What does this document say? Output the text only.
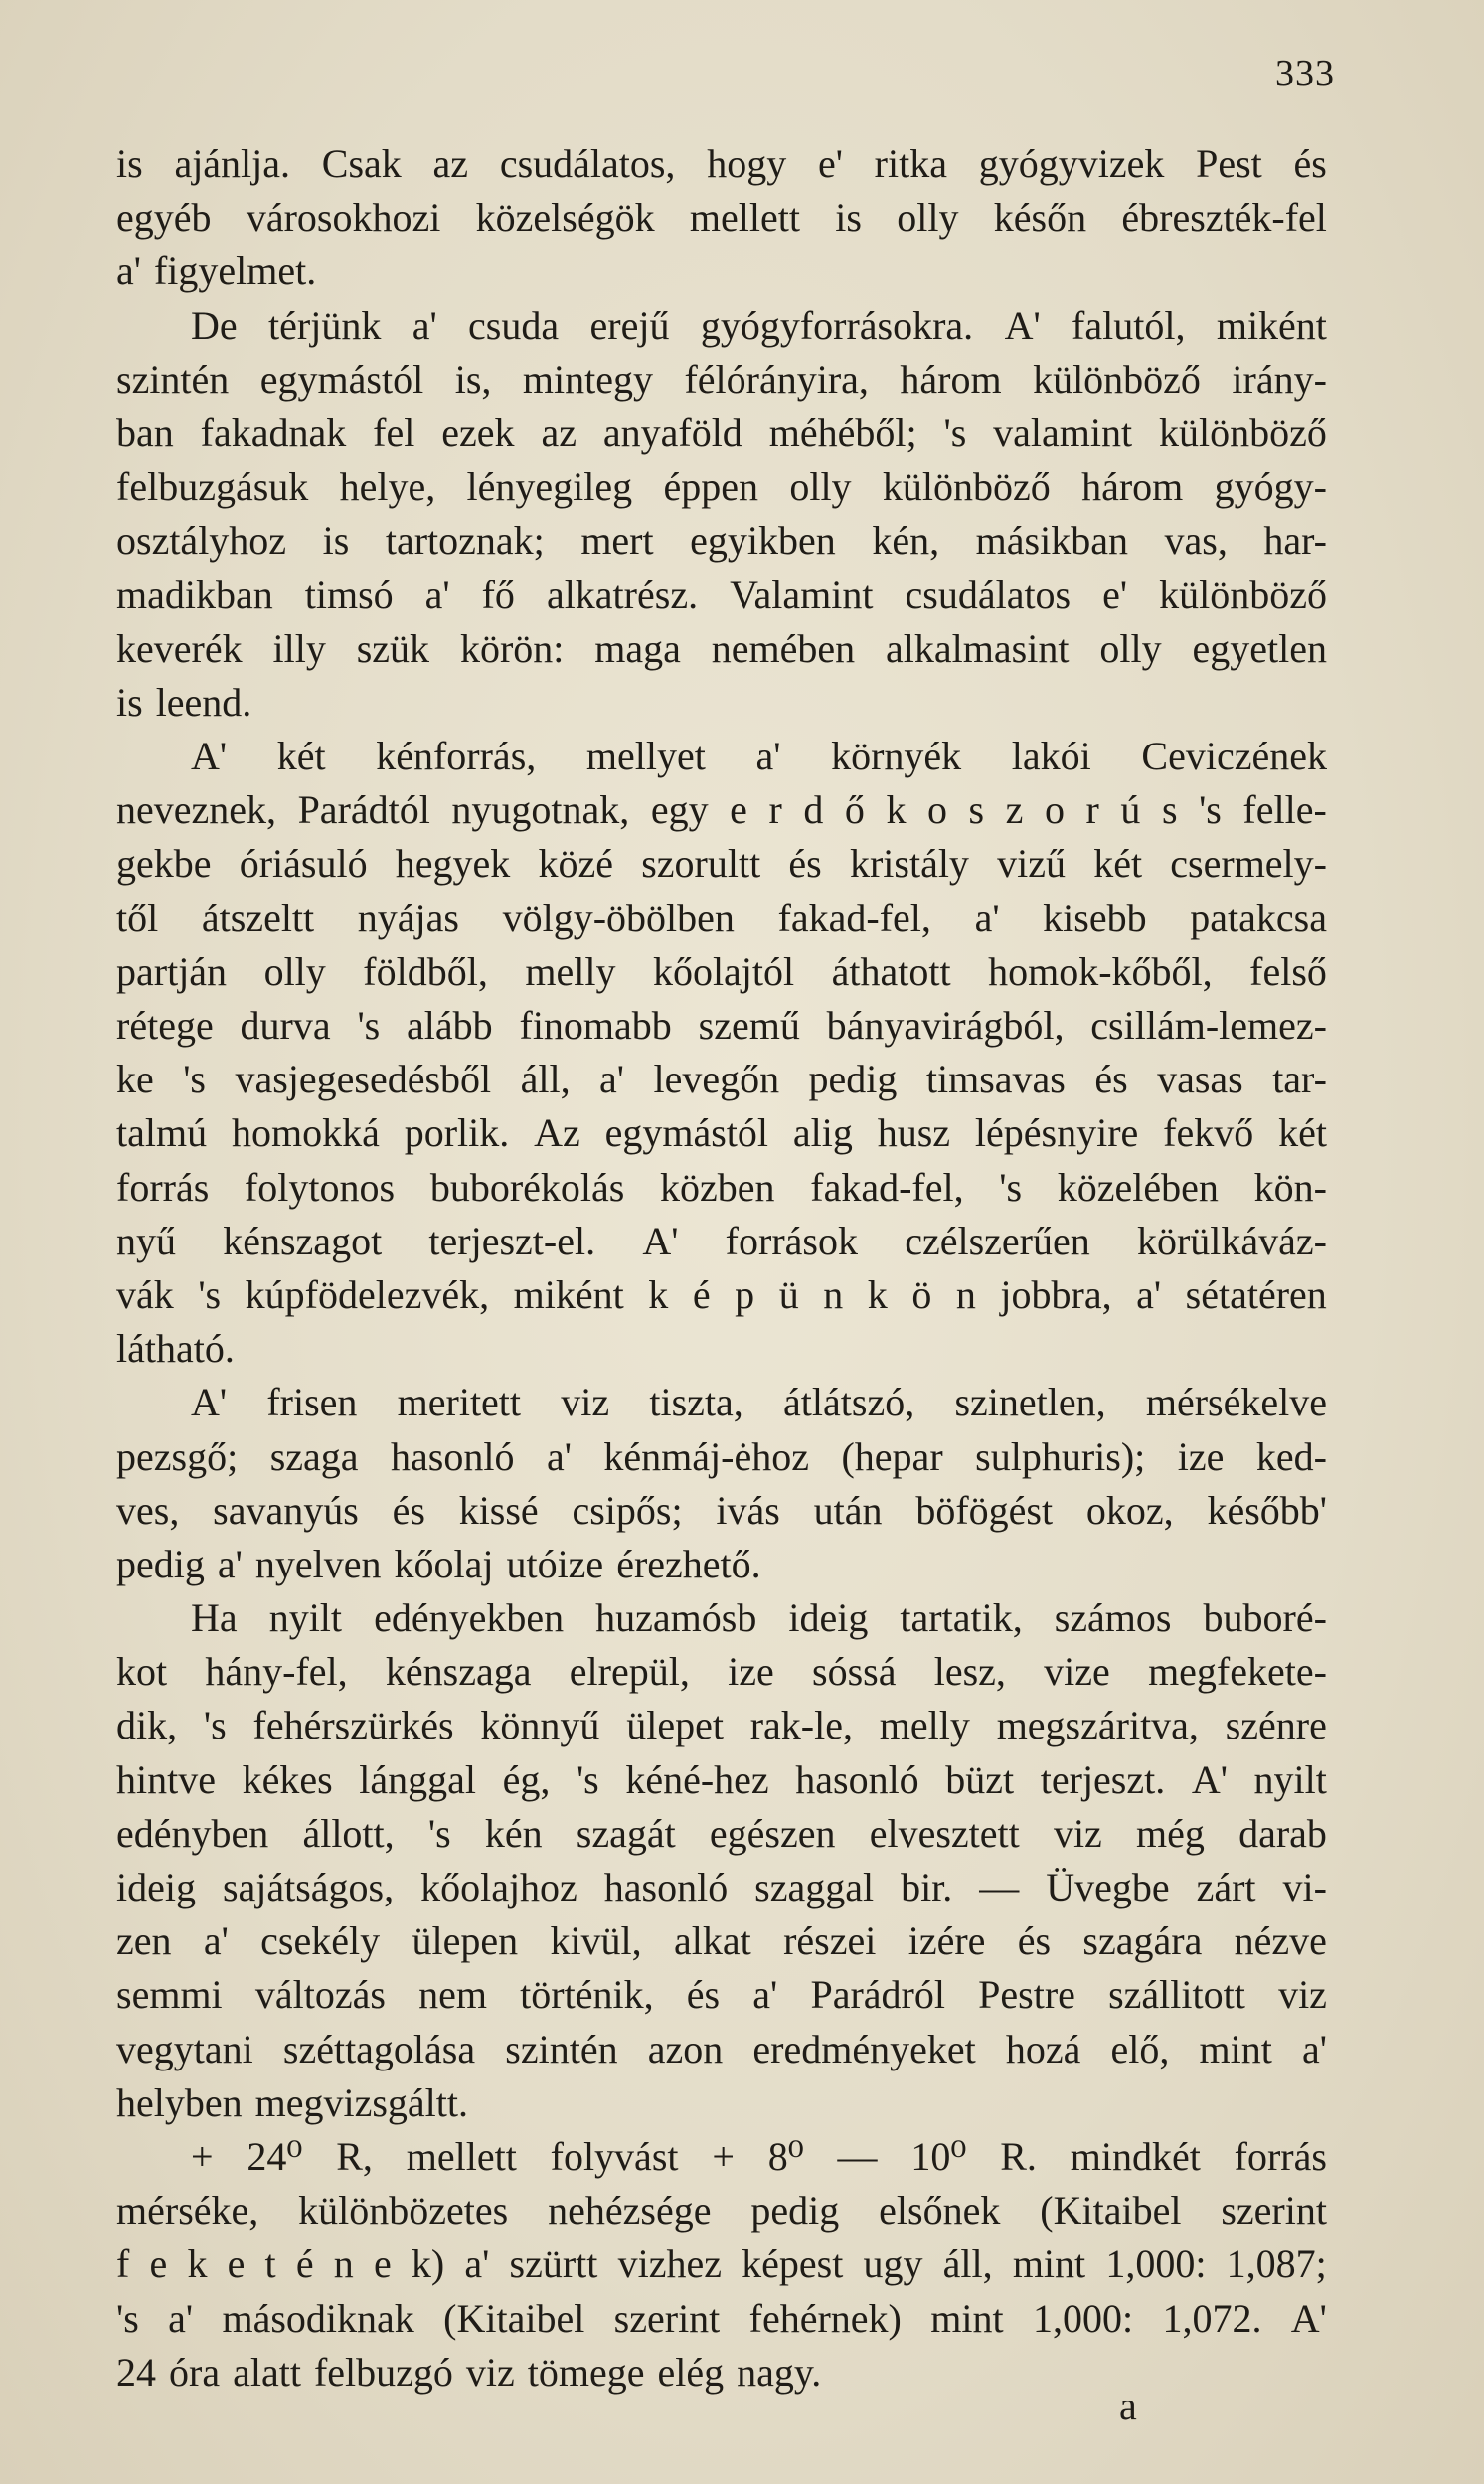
333
is ajánlja. Csak az csudálatos, hogy e' ritka gyógyvizek Pest és
egyéb városokhozi közelségök mellett is olly későn ébreszték-fel
a' figyelmet.
De térjünk a' csuda erejű gyógyforrásokra. A' falutól, miként
szintén egymástól is, mintegy félórányira, három különböző irány-
ban fakadnak fel ezek az anyaföld méhéből; 's valamint különböző
felbuzgásuk helye, lényegileg éppen olly különböző három gyógy-
osztályhoz is tartoznak; mert egyikben kén, másikban vas, har-
madikban timsó a' fő alkatrész. Valamint csudálatos e' különböző
keverék illy szük körön: maga nemében alkalmasint olly egyetlen
is leend.
A' két kénforrás, mellyet a' környék lakói Ceviczének
neveznek, Parádtól nyugotnak, egy e r d ő k o s z o r ú s 's felle-
gekbe óriásuló hegyek közé szorultt és kristály vizű két csermely-
től átszeltt nyájas völgy-öbölben fakad-fel, a' kisebb patakcsa
partján olly földből, melly kőolajtól áthatott homok-kőből, felső
rétege durva 's alább finomabb szemű bányavirágból, csillám-lemez-
ke 's vasjegesedésből áll, a' levegőn pedig timsavas és vasas tar-
talmú homokká porlik. Az egymástól alig husz lépésnyire fekvő két
forrás folytonos buborékolás közben fakad-fel, 's közelében kön-
nyű kénszagot terjeszt-el. A' források czélszerűen körülkáváz-
vák 's kúpfödelezvék, miként k é p ü n k ö n jobbra, a' sétatéren
látható.
A' frisen meritett viz tiszta, átlátszó, szinetlen, mérsékelve
pezsgő; szaga hasonló a' kénmáj-ėhoz (hepar sulphuris); ize ked-
ves, savanyús és kissé csipős; ivás után böfögést okoz, később'
pedig a' nyelven kőolaj utóize érezhető.
Ha nyilt edényekben huzamósb ideig tartatik, számos buboré-
kot hány-fel, kénszaga elrepül, ize sóssá lesz, vize megfekete-
dik, 's fehérszürkés könnyű ülepet rak-le, melly megszáritva, szénre
hintve kékes lánggal ég, 's kéné-hez hasonló büzt terjeszt. A' nyilt
edényben állott, 's kén szagát egészen elvesztett viz még darab
ideig sajátságos, kőolajhoz hasonló szaggal bir. — Üvegbe zárt vi-
zen a' csekély ülepen kivül, alkat részei izére és szagára nézve
semmi változás nem történik, és a' Parádról Pestre szállitott viz
vegytani széttagolása szintén azon eredményeket hozá elő, mint a'
helyben megvizsgáltt.
+ 24⁰ R, mellett folyvást + 8⁰ — 10⁰ R. mindkét forrás
mérséke, különbözetes nehézsége pedig elsőnek (Kitaibel szerint
f e k e t é n e k) a' szürtt vizhez képest ugy áll, mint 1,000: 1,087;
's a' másodiknak (Kitaibel szerint fehérnek) mint 1,000: 1,072. A'
24 óra alatt felbuzgó viz tömege elég nagy.
a
